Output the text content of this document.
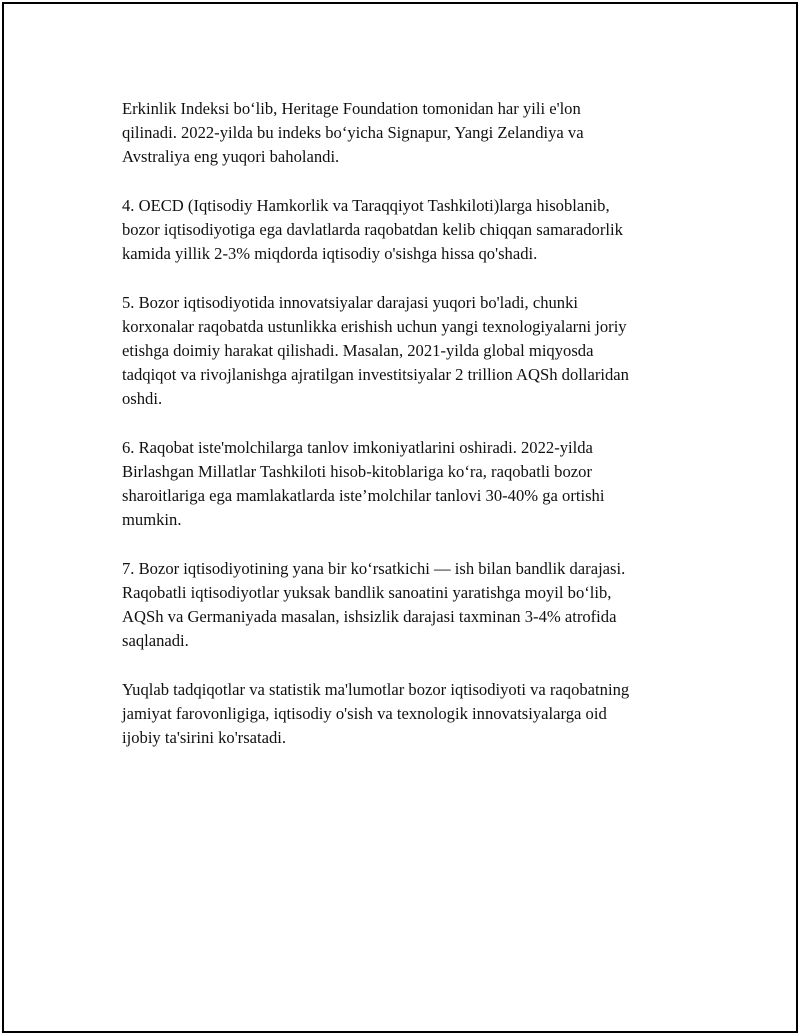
Erkinlik Indeksi bo‘lib, Heritage Foundation tomonidan har yili e'lon
qilinadi. 2022-yilda bu indeks bo‘yicha Signapur, Yangi Zelandiya va
Avstraliya eng yuqori baholandi.

4. OECD (Iqtisodiy Hamkorlik va Taraqqiyot Tashkiloti)larga hisoblanib,
bozor iqtisodiyotiga ega davlatlarda raqobatdan kelib chiqqan samaradorlik
kamida yillik 2-3% miqdorda iqtisodiy o'sishga hissa qo'shadi.

5. Bozor iqtisodiyotida innovatsiyalar darajasi yuqori bo'ladi, chunki
korxonalar raqobatda ustunlikka erishish uchun yangi texnologiyalarni joriy
etishga doimiy harakat qilishadi. Masalan, 2021-yilda global miqyosda
tadqiqot va rivojlanishga ajratilgan investitsiyalar 2 trillion AQSh dollaridan
oshdi.

6. Raqobat iste'molchilarga tanlov imkoniyatlarini oshiradi. 2022-yilda
Birlashgan Millatlar Tashkiloti hisob-kitoblariga ko‘ra, raqobatli bozor
sharoitlariga ega mamlakatlarda iste’molchilar tanlovi 30-40% ga ortishi
mumkin.

7. Bozor iqtisodiyotining yana bir ko‘rsatkichi — ish bilan bandlik darajasi.
Raqobatli iqtisodiyotlar yuksak bandlik sanoatini yaratishga moyil bo‘lib,
AQSh va Germaniyada masalan, ishsizlik darajasi taxminan 3-4% atrofida
saqlanadi.

Yuqlab tadqiqotlar va statistik ma'lumotlar bozor iqtisodiyoti va raqobatning
jamiyat farovonligiga, iqtisodiy o'sish va texnologik innovatsiyalarga oid
ijobiy ta'sirini ko'rsatadi.
